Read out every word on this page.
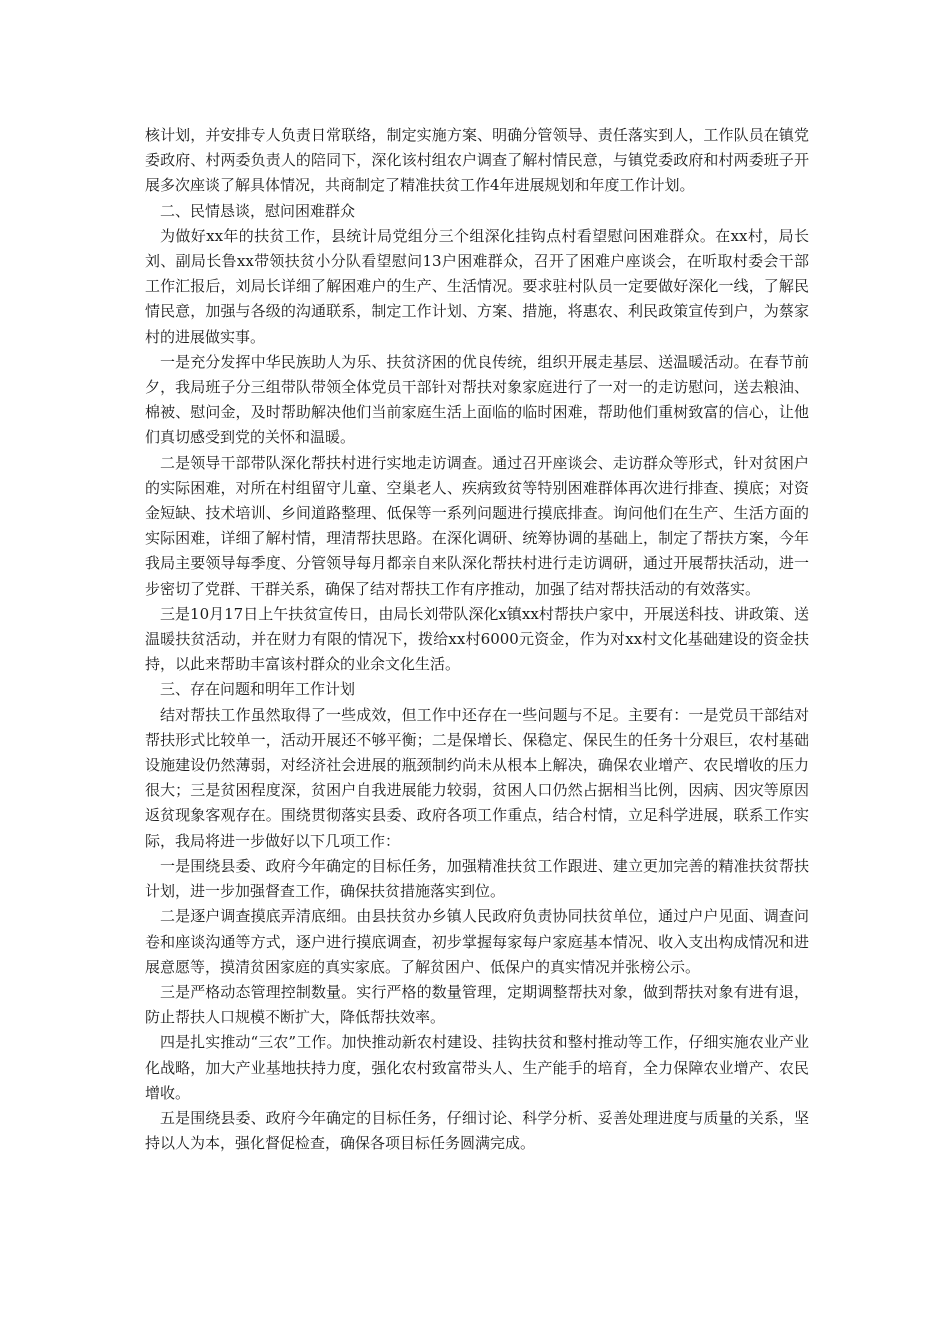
核计划，并安排专人负责日常联络，制定实施方案、明确分管领导、责任落实到人，工作队员在镇党委政府、村两委负责人的陪同下，深化该村组农户调查了解村情民意，与镇党委政府和村两委班子开展多次座谈了解具体情况，共商制定了精准扶贫工作4年进展规划和年度工作计划。

二、民情恳谈，慰问困难群众

为做好xx年的扶贫工作，县统计局党组分三个组深化挂钩点村看望慰问困难群众。在xx村，局长刘、副局长鲁xx带领扶贫小分队看望慰问13户困难群众，召开了困难户座谈会，在听取村委会干部工作汇报后，刘局长详细了解困难户的生产、生活情况。要求驻村队员一定要做好深化一线，了解民情民意，加强与各级的沟通联系，制定工作计划、方案、措施，将惠农、利民政策宣传到户，为蔡家村的进展做实事。

一是充分发挥中华民族助人为乐、扶贫济困的优良传统，组织开展走基层、送温暖活动。在春节前夕，我局班子分三组带队带领全体党员干部针对帮扶对象家庭进行了一对一的走访慰问，送去粮油、棉被、慰问金，及时帮助解决他们当前家庭生活上面临的临时困难，帮助他们重树致富的信心，让他们真切感受到党的关怀和温暖。

二是领导干部带队深化帮扶村进行实地走访调查。通过召开座谈会、走访群众等形式，针对贫困户的实际困难，对所在村组留守儿童、空巢老人、疾病致贫等特别困难群体再次进行排查、摸底；对资金短缺、技术培训、乡间道路整理、低保等一系列问题进行摸底排查。询问他们在生产、生活方面的实际困难，详细了解村情，理清帮扶思路。在深化调研、统筹协调的基础上，制定了帮扶方案，今年我局主要领导每季度、分管领导每月都亲自来队深化帮扶村进行走访调研，通过开展帮扶活动，进一步密切了党群、干群关系，确保了结对帮扶工作有序推动，加强了结对帮扶活动的有效落实。

三是10月17日上午扶贫宣传日，由局长刘带队深化x镇xx村帮扶户家中，开展送科技、讲政策、送温暖扶贫活动，并在财力有限的情况下，拨给xx村6000元资金，作为对xx村文化基础建设的资金扶持，以此来帮助丰富该村群众的业余文化生活。

三、存在问题和明年工作计划

结对帮扶工作虽然取得了一些成效，但工作中还存在一些问题与不足。主要有：一是党员干部结对帮扶形式比较单一，活动开展还不够平衡；二是保增长、保稳定、保民生的任务十分艰巨，农村基础设施建设仍然薄弱，对经济社会进展的瓶颈制约尚未从根本上解决，确保农业增产、农民增收的压力很大；三是贫困程度深，贫困户自我进展能力较弱，贫困人口仍然占据相当比例，因病、因灾等原因返贫现象客观存在。围绕贯彻落实县委、政府各项工作重点，结合村情，立足科学进展，联系工作实际，我局将进一步做好以下几项工作：

一是围绕县委、政府今年确定的目标任务，加强精准扶贫工作跟进、建立更加完善的精准扶贫帮扶计划，进一步加强督查工作，确保扶贫措施落实到位。

二是逐户调查摸底弄清底细。由县扶贫办乡镇人民政府负责协同扶贫单位，通过户户见面、调查问卷和座谈沟通等方式，逐户进行摸底调查，初步掌握每家每户家庭基本情况、收入支出构成情况和进展意愿等，摸清贫困家庭的真实家底。了解贫困户、低保户的真实情况并张榜公示。

三是严格动态管理控制数量。实行严格的数量管理，定期调整帮扶对象，做到帮扶对象有进有退，防止帮扶人口规模不断扩大，降低帮扶效率。

四是扎实推动“三农”工作。加快推动新农村建设、挂钩扶贫和整村推动等工作，仔细实施农业产业化战略，加大产业基地扶持力度，强化农村致富带头人、生产能手的培育，全力保障农业增产、农民增收。

五是围绕县委、政府今年确定的目标任务，仔细讨论、科学分析、妥善处理进度与质量的关系，坚持以人为本，强化督促检查，确保各项目标任务圆满完成。
